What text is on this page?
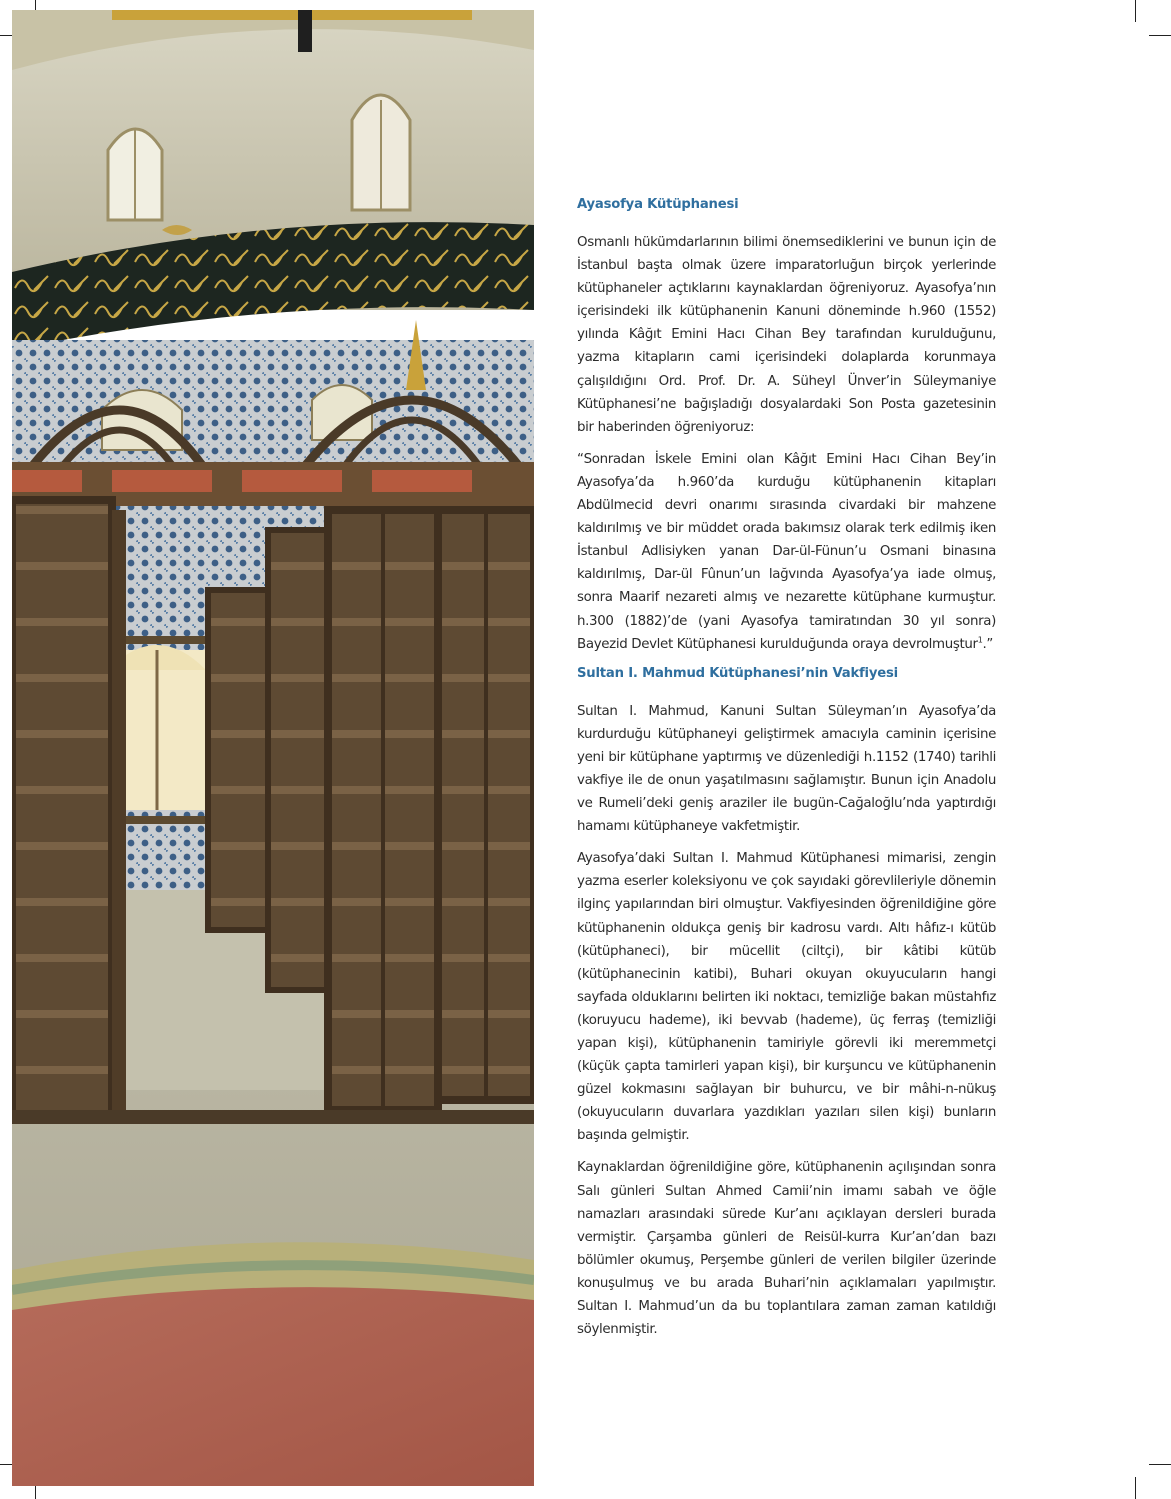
Ayasofya Kütüphanesi

Osmanlı hükümdarlarının bilimi önemsediklerini ve bunun için de İstanbul başta olmak üzere imparatorluğun birçok yerlerinde kütüphaneler açtıklarını kaynaklardan öğreniyoruz. Ayasofya’nın içerisindeki ilk kütüphanenin Kanuni döneminde h.960 (1552) yılında Kâğıt Emini Hacı Cihan Bey tarafından kurulduğunu, yazma kitapların cami içerisindeki dolaplarda korunmaya çalışıldığını Ord. Prof. Dr. A. Süheyl Ünver’in Süleymaniye Kütüphanesi’ne bağışladığı dosyalardaki Son Posta gazetesinin bir haberinden öğreniyoruz:

“Sonradan İskele Emini olan Kâğıt Emini Hacı Cihan Bey’in Ayasofya’da h.960’da kurduğu kütüphanenin kitapları Abdülmecid devri onarımı sırasında civardaki bir mahzene kaldırılmış ve bir müddet orada bakımsız olarak terk edilmiş iken İstanbul Adlisiyken yanan Dar-ül-Fünun’u Osmani binasına kaldırılmış, Dar-ül Fûnun’un lağvında Ayasofya’ya iade olmuş, sonra Maarif nezareti almış ve nezarette kütüphane kurmuştur. h.300 (1882)’de (yani Ayasofya tamiratından 30 yıl sonra) Bayezid Devlet Kütüphanesi kurulduğunda oraya devrolmuştur$^1$.”

Sultan I. Mahmud Kütüphanesi’nin Vakfiyesi

Sultan I. Mahmud, Kanuni Sultan Süleyman’ın Ayasofya’da kurdurduğu kütüphaneyi geliştirmek amacıyla caminin içerisine yeni bir kütüphane yaptırmış ve düzenlediği h.1152 (1740) tarihli vakfiye ile de onun yaşatılmasını sağlamıştır. Bunun için Anadolu ve Rumeli’deki geniş araziler ile bugün-Cağaloğlu’nda yaptırdığı hamamı kütüphaneye vakfetmiştir.

Ayasofya’daki Sultan I. Mahmud Kütüphanesi mimarisi, zengin yazma eserler koleksiyonu ve çok sayıdaki görevlileriyle dönemin ilginç yapılarından biri olmuştur. Vakfiyesinden öğrenildiğine göre kütüphanenin oldukça geniş bir kadrosu vardı. Altı hâfız-ı kütüb (kütüphaneci), bir mücellit (ciltçi), bir kâtibi kütüb (kütüphanecinin katibi), Buhari okuyan okuyucuların hangi sayfada olduklarını belirten iki noktacı, temizliğe bakan müstahfız (koruyucu hademe), iki bevvab (hademe), üç ferraş (temizliği yapan kişi), kütüphanenin tamiriyle görevli iki meremmetçi (küçük çapta tamirleri yapan kişi), bir kurşuncu ve kütüphanenin güzel kokmasını sağlayan bir buhurcu, ve bir mâhi-n-nükuş (okuyucuların duvarlara yazdıkları yazıları silen kişi) bunların başında gelmiştir.

Kaynaklardan öğrenildiğine göre, kütüphanenin açılışından sonra Salı günleri Sultan Ahmed Camii’nin imamı sabah ve öğle namazları arasındaki sürede Kur’anı açıklayan dersleri burada vermiştir. Çarşamba günleri de Reisül-kurra Kur’an’dan bazı bölümler okumuş, Perşembe günleri de verilen bilgiler üzerinde konuşulmuş ve bu arada Buhari’nin açıklamaları yapılmıştır. Sultan I. Mahmud’un da bu toplantılara zaman zaman katıldığı söylenmiştir.
